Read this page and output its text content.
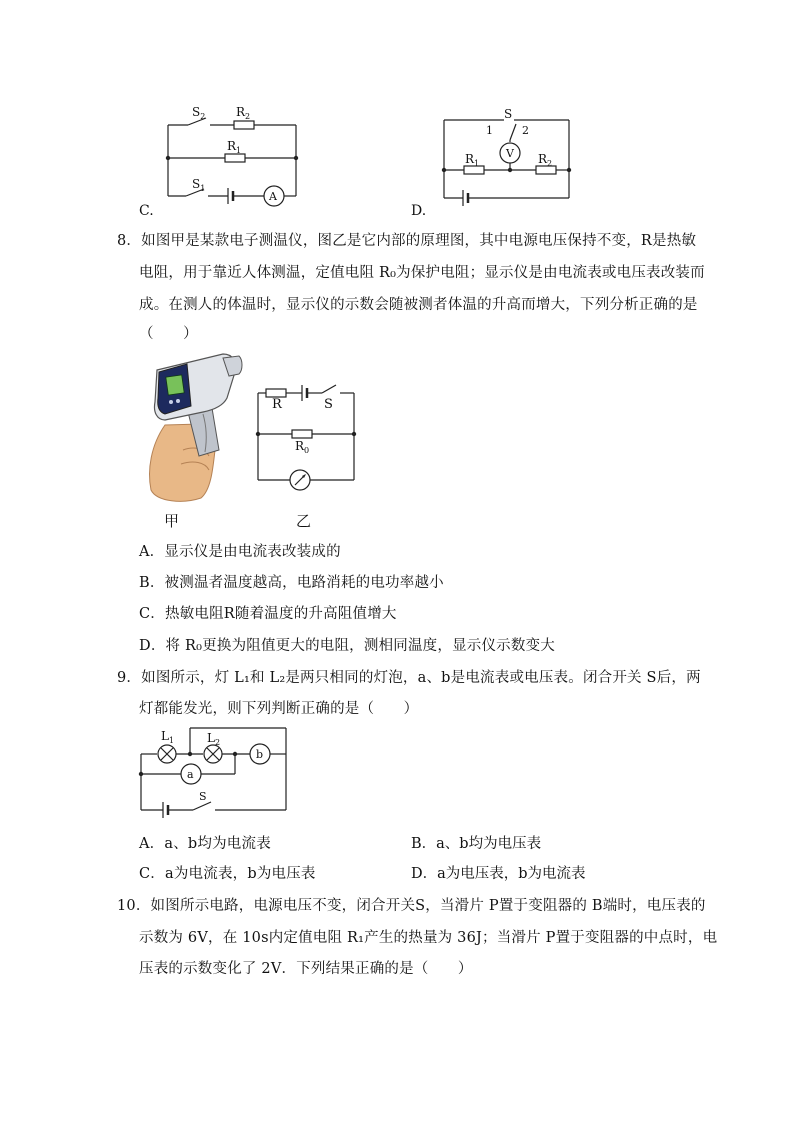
$S_2$	$R_2$
$R_1$
$S_1$
A
C.
S
1	2
V
$R_1$	$R_2$
D.
8．如图甲是某款电子测温仪，图乙是它内部的原理图，其中电源电压保持不变，R是热敏
电阻，用于靠近人体测温，定值电阻 R₀为保护电阻；显示仪是由电流表或电压表改装而
成。在测人的体温时，显示仪的示数会随被测者体温的升高而增大，下列分析正确的是
（　　）
甲
R	S
$R_0$
乙
A．显示仪是由电流表改装成的
B．被测温者温度越高，电路消耗的电功率越小
C．热敏电阻R随着温度的升高阻值增大
D．将 R₀更换为阻值更大的电阻，测相同温度，显示仪示数变大
9．如图所示，灯 L₁和 L₂是两只相同的灯泡，a、b是电流表或电压表。闭合开关 S后，两
灯都能发光，则下列判断正确的是（　　）
$L_1$	$L_2$
b
a
S
A．a、b均为电流表	B．a、b均为电压表
C．a为电流表，b为电压表	D．a为电压表，b为电流表
10．如图所示电路，电源电压不变，闭合开关S，当滑片 P置于变阻器的 B端时，电压表的
示数为 6V，在 10s内定值电阻 R₁产生的热量为 36J；当滑片 P置于变阻器的中点时，电
压表的示数变化了 2V．下列结果正确的是（　　）
